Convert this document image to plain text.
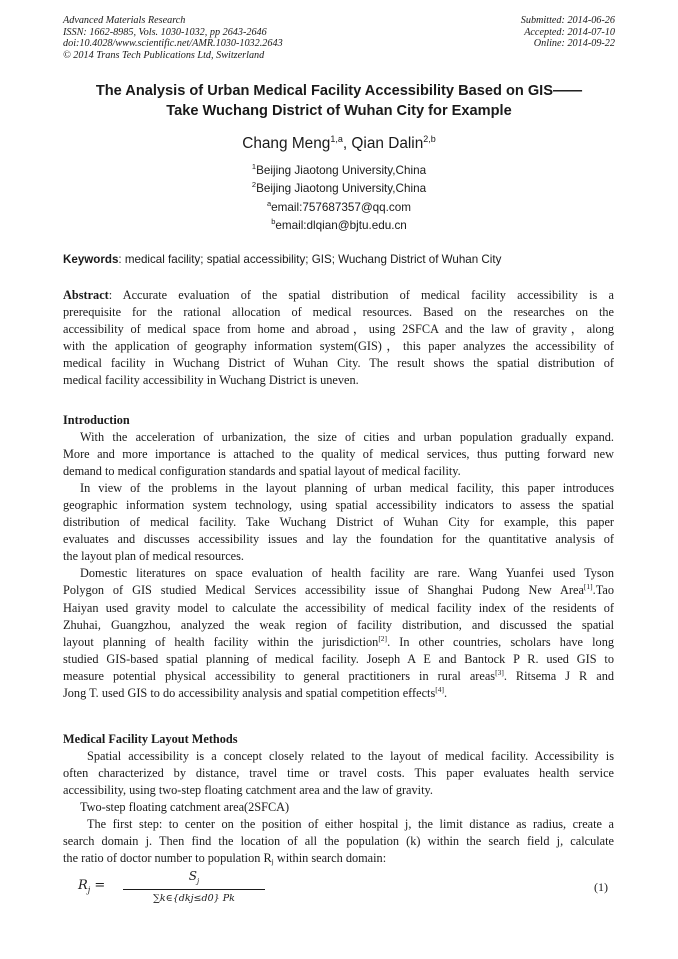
Advanced Materials Research
ISSN: 1662-8985, Vols. 1030-1032, pp 2643-2646
doi:10.4028/www.scientific.net/AMR.1030-1032.2643
© 2014 Trans Tech Publications Ltd, Switzerland
Submitted: 2014-06-26
Accepted: 2014-07-10
Online: 2014-09-22
The Analysis of Urban Medical Facility Accessibility Based on GIS——
Take Wuchang District of Wuhan City for Example
Chang Meng$^{1,a}$, Qian Dalin$^{2,b}$
$^1$Beijing Jiaotong University,China
$^2$Beijing Jiaotong University,China
$^a$email:757687357@qq.com
$^b$email:dlqian@bjtu.edu.cn
Keywords: medical facility; spatial accessibility; GIS; Wuchang District of Wuhan City
Abstract: Accurate evaluation of the spatial distribution of medical facility accessibility is a
prerequisite for the rational allocation of medical resources. Based on the researches on the
accessibility of medical space from home and abroad，using 2SFCA and the law of gravity，along
with the application of geography information system(GIS)，this paper analyzes the accessibility of
medical facility in Wuchang District of Wuhan City. The result shows the spatial distribution of
medical facility accessibility in Wuchang District is uneven.
Introduction
With the acceleration of urbanization, the size of cities and urban population gradually expand.
More and more importance is attached to the quality of medical services, thus putting forward new
demand to medical configuration standards and spatial layout of medical facility.
In view of the problems in the layout planning of urban medical facility, this paper introduces
geographic information system technology, using spatial accessibility indicators to assess the spatial
distribution of medical facility. Take Wuchang District of Wuhan City for example, this paper
evaluates and discusses accessibility issues and lay the foundation for the quantitative analysis of
the layout plan of medical resources.
Domestic literatures on space evaluation of health facility are rare. Wang Yuanfei used Tyson
Polygon of GIS studied Medical Services accessibility issue of Shanghai Pudong New Area[1].Tao
Haiyan used gravity model to calculate the accessibility of medical facility index of the residents of
Zhuhai, Guangzhou, analyzed the weak region of facility distribution, and discussed the spatial
layout planning of health facility within the jurisdiction[2]. In other countries, scholars have long
studied GIS-based spatial planning of medical facility. Joseph A E and Bantock P R. used GIS to
measure potential physical accessibility to general practitioners in rural areas[3]. Ritsema J R and
Jong T. used GIS to do accessibility analysis and spatial competition effects[4].
Medical Facility Layout Methods
Spatial accessibility is a concept closely related to the layout of medical facility. Accessibility is
often characterized by distance, travel time or travel costs. This paper evaluates health service
accessibility, using two-step floating catchment area and the law of gravity.
Two-step floating catchment area(2SFCA)
The first step: to center on the position of either hospital j, the limit distance as radius, create a
search domain j. Then find the location of all the population (k) within the search field j, calculate
the ratio of doctor number to population Rj within search domain:
$R_j$ =
$S_j$
∑k∈{dkj≤d0} Pk
(1)
